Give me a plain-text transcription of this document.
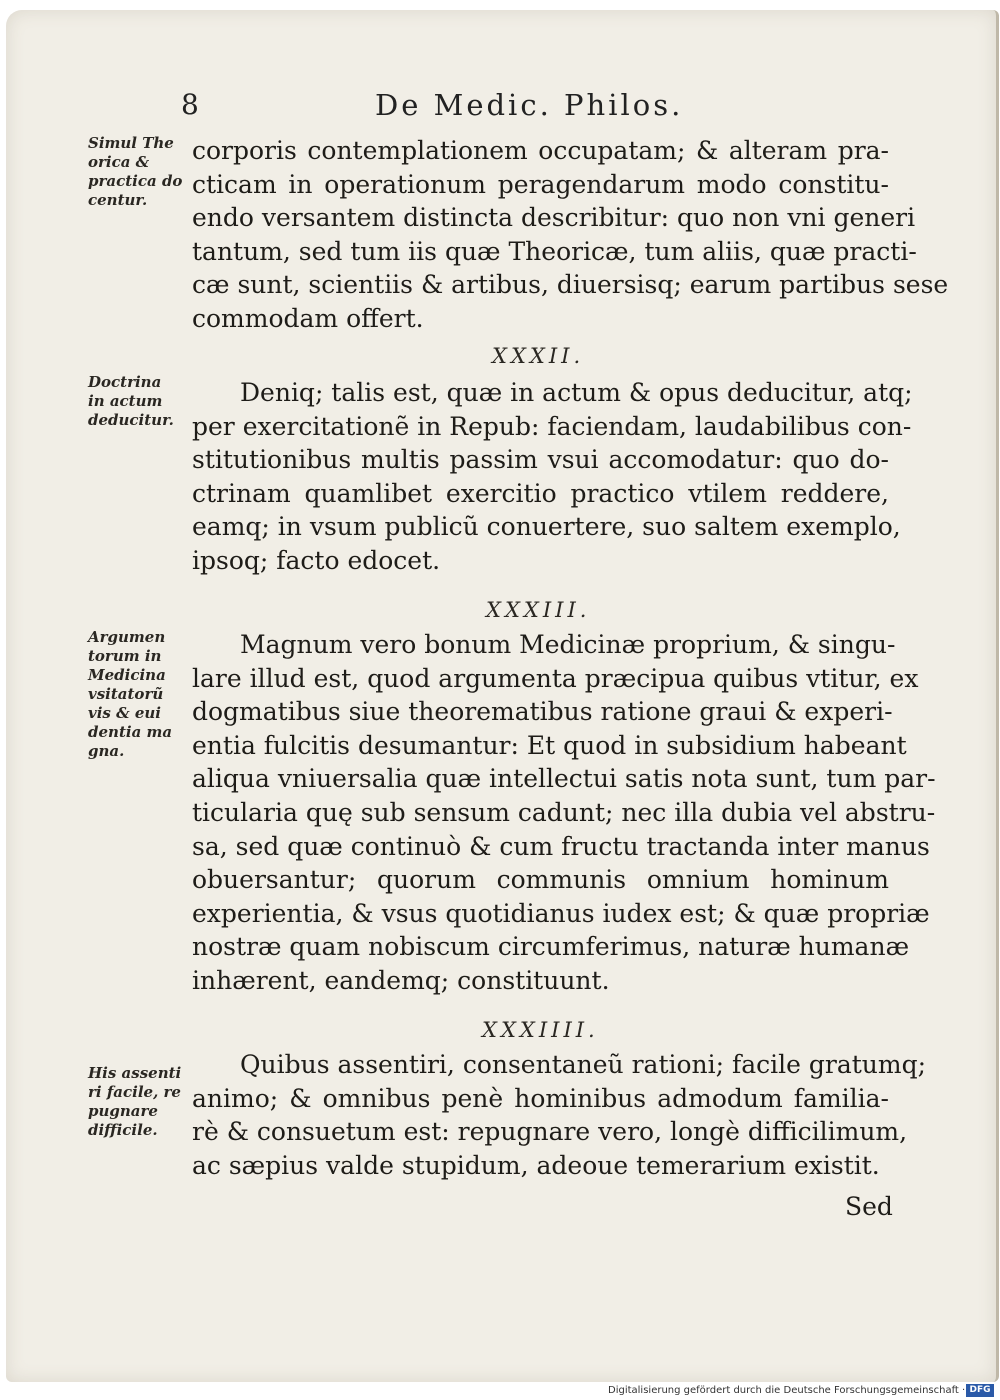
8	De Medic. Philos.
Simul The
orica &
practica do
centur.
corporis contemplationem occupatam; & alteram pra-
cticam in operationum peragendarum modo constitu-
endo versantem distincta describitur: quo non vni generi
tantum, sed tum iis quæ Theoricæ, tum aliis, quæ practi-
cæ sunt, scientiis & artibus, diuersisq; earum partibus sese
commodam offert.
XXXII.
Doctrina
in actum
deducitur.
Deniq; talis est, quæ in actum & opus deducitur, atq;
per exercitationẽ in Repub: faciendam, laudabilibus con-
stitutionibus multis passim vsui accomodatur: quo do-
ctrinam quamlibet exercitio practico vtilem reddere,
eamq; in vsum publicũ conuertere, suo saltem exemplo,
ipsoq; facto edocet.
XXXIII.
Argumen
torum in
Medicina
vsitatorũ
vis & eui
dentia ma
gna.
Magnum vero bonum Medicinæ proprium, & singu-
lare illud est, quod argumenta præcipua quibus vtitur, ex
dogmatibus siue theorematibus ratione graui & experi-
entia fulcitis desumantur: Et quod in subsidium habeant
aliqua vniuersalia quæ intellectui satis nota sunt, tum par-
ticularia quę sub sensum cadunt; nec illa dubia vel abstru-
sa, sed quæ continuò & cum fructu tractanda inter manus
obuersantur; quorum communis omnium hominum
experientia, & vsus quotidianus iudex est; & quæ propriæ
nostræ quam nobiscum circumferimus, naturæ humanæ
inhærent, eandemq; constituunt.
XXXIIII.
His assenti
ri facile, re
pugnare
difficile.
Quibus assentiri, consentaneũ rationi; facile gratumq;
animo; & omnibus penè hominibus admodum familia-
rè & consuetum est: repugnare vero, longè difficilimum,
ac sæpius valde stupidum, adeoue temerarium existit.
Sed
Digitalisierung gefördert durch die Deutsche Forschungsgemeinschaft · DFG
